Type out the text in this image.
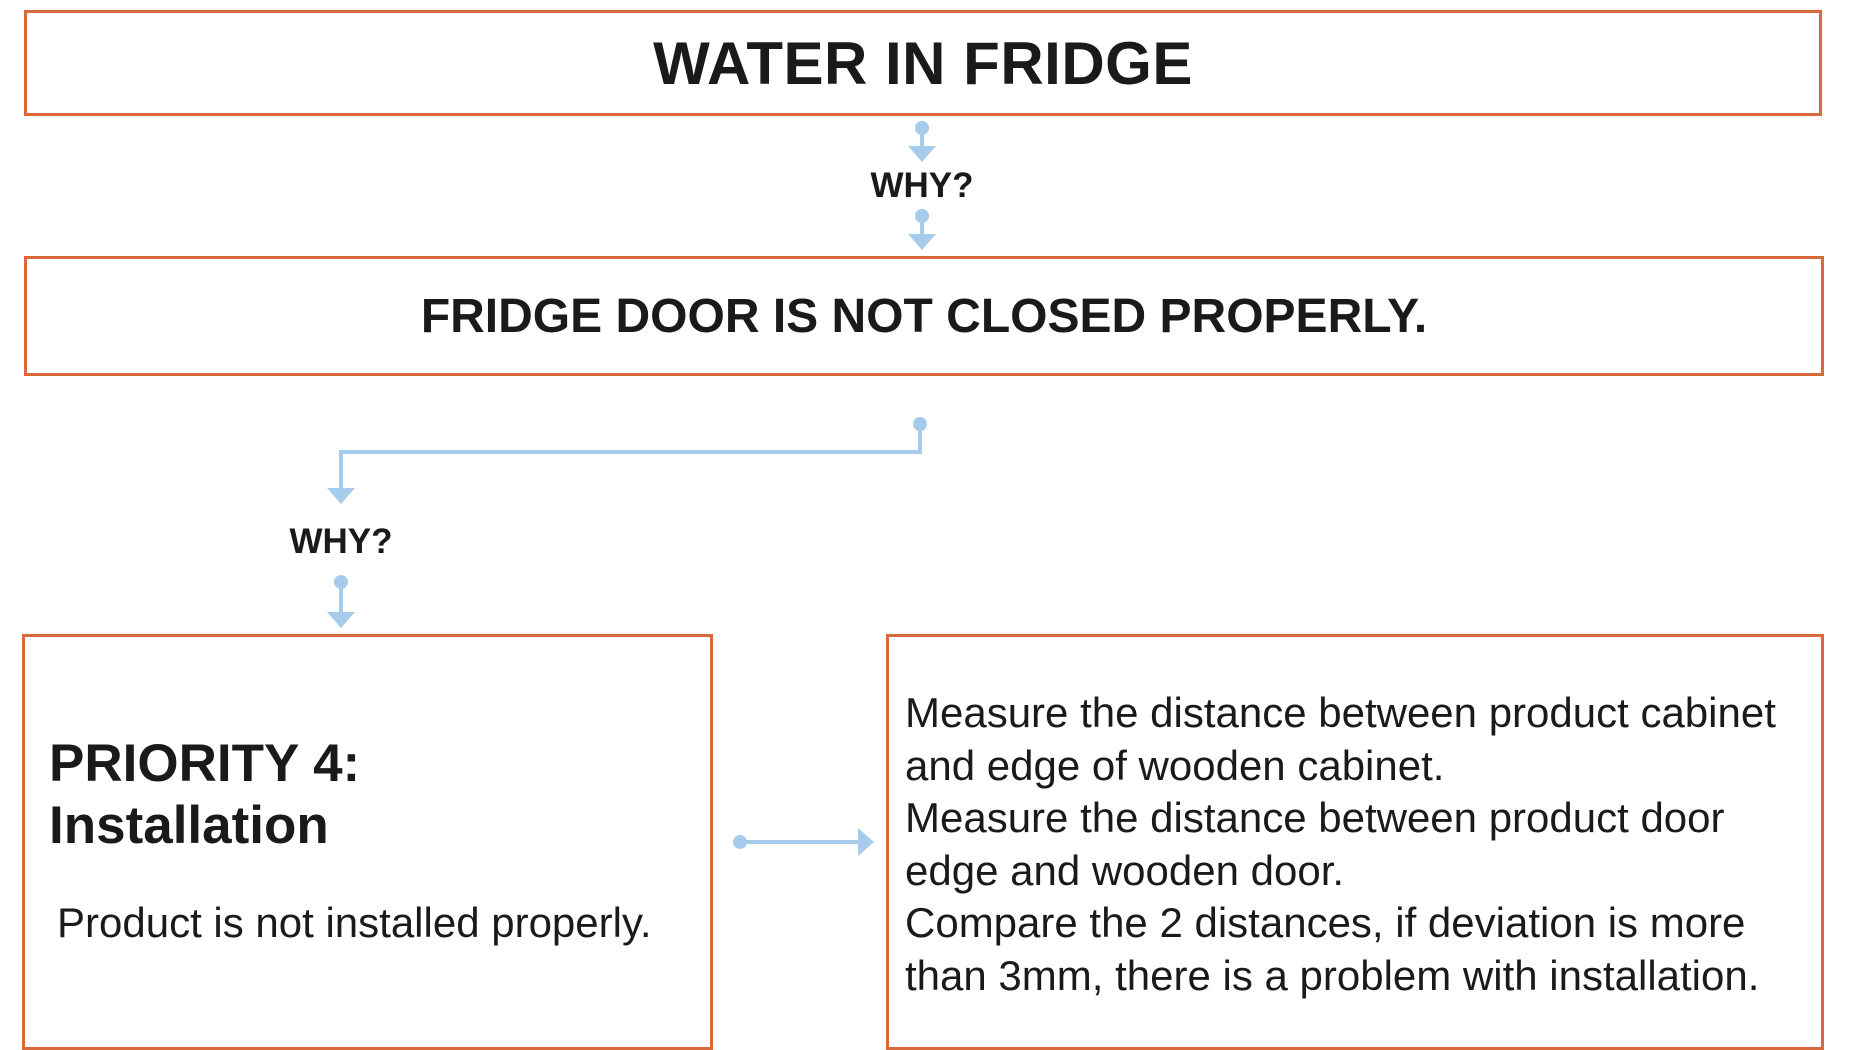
WATER IN FRIDGE
WHY?
FRIDGE DOOR IS NOT CLOSED PROPERLY.
WHY?
PRIORITY 4:
Installation
Product is not installed properly.
Measure the distance between product cabinet and edge of wooden cabinet.
Measure the distance between product door edge and wooden door.
Compare the 2 distances, if deviation is more than 3mm, there is a problem with installation.
